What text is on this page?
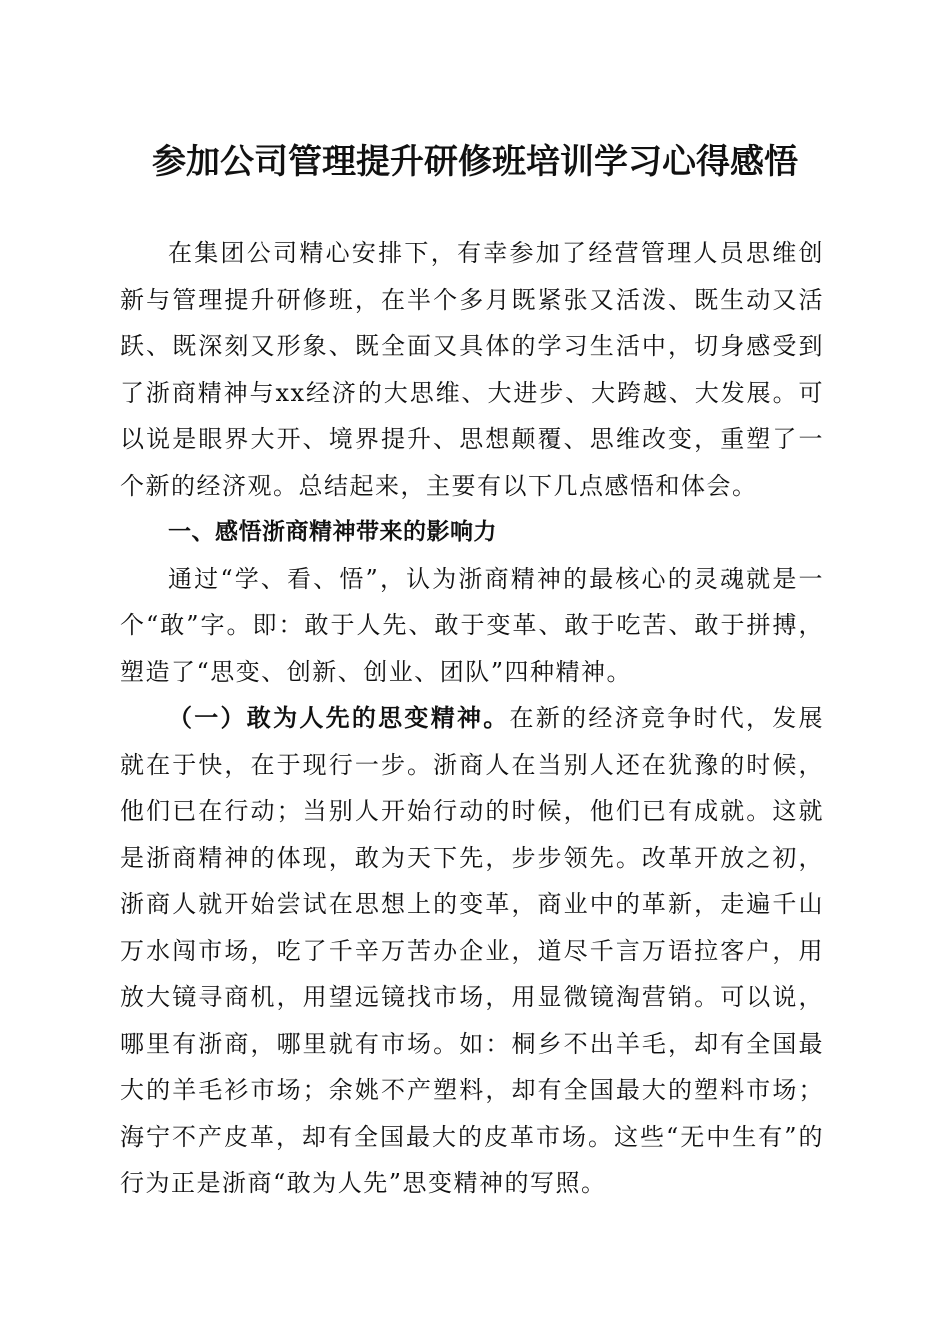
参加公司管理提升研修班培训学习心得感悟

在集团公司精心安排下，有幸参加了经营管理人员思维创新与管理提升研修班，在半个多月既紧张又活泼、既生动又活跃、既深刻又形象、既全面又具体的学习生活中，切身感受到了浙商精神与xx经济的大思维、大进步、大跨越、大发展。可以说是眼界大开、境界提升、思想颠覆、思维改变，重塑了一个新的经济观。总结起来，主要有以下几点感悟和体会。

一、感悟浙商精神带来的影响力

通过“学、看、悟”，认为浙商精神的最核心的灵魂就是一个“敢”字。即：敢于人先、敢于变革、敢于吃苦、敢于拼搏，塑造了“思变、创新、创业、团队”四种精神。

（一）敢为人先的思变精神。在新的经济竞争时代，发展就在于快，在于现行一步。浙商人在当别人还在犹豫的时候，他们已在行动；当别人开始行动的时候，他们已有成就。这就是浙商精神的体现，敢为天下先，步步领先。改革开放之初，浙商人就开始尝试在思想上的变革，商业中的革新，走遍千山万水闯市场，吃了千辛万苦办企业，道尽千言万语拉客户，用放大镜寻商机，用望远镜找市场，用显微镜淘营销。可以说，哪里有浙商，哪里就有市场。如：桐乡不出羊毛，却有全国最大的羊毛衫市场；余姚不产塑料，却有全国最大的塑料市场；海宁不产皮革，却有全国最大的皮革市场。这些“无中生有”的行为正是浙商“敢为人先”思变精神的写照。
